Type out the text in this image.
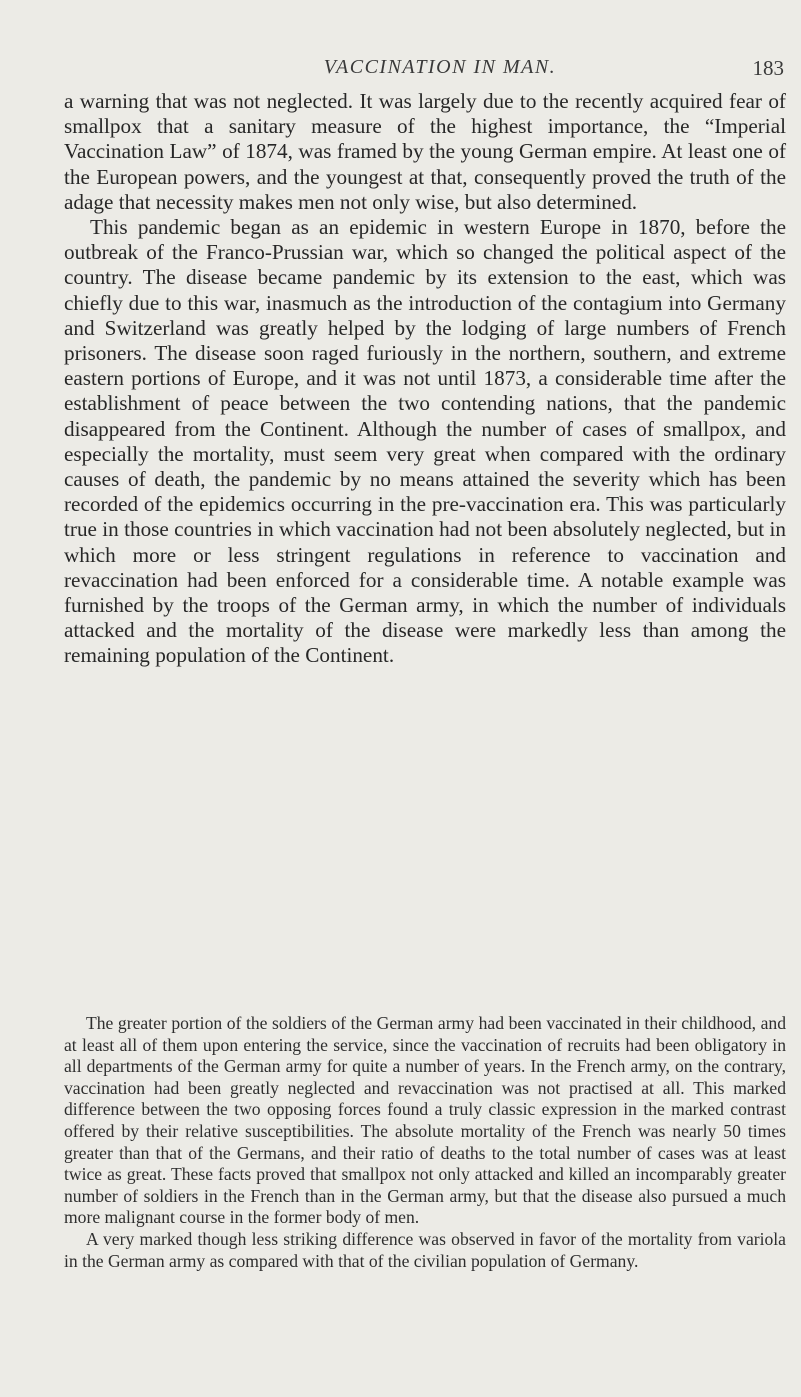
VACCINATION IN MAN.	183

a warning that was not neglected. It was largely due to the recently acquired fear of smallpox that a sanitary measure of the highest importance, the “Imperial Vaccination Law” of 1874, was framed by the young German empire. At least one of the European powers, and the youngest at that, consequently proved the truth of the adage that necessity makes men not only wise, but also determined.

This pandemic began as an epidemic in western Europe in 1870, before the outbreak of the Franco-Prussian war, which so changed the political aspect of the country. The disease became pandemic by its extension to the east, which was chiefly due to this war, inasmuch as the introduction of the contagium into Germany and Switzerland was greatly helped by the lodging of large numbers of French prisoners. The disease soon raged furiously in the northern, southern, and extreme eastern portions of Europe, and it was not until 1873, a considerable time after the establishment of peace between the two contending nations, that the pandemic disappeared from the Continent. Although the number of cases of smallpox, and especially the mortality, must seem very great when compared with the ordinary causes of death, the pandemic by no means attained the severity which has been recorded of the epidemics occurring in the pre-vaccination era. This was particularly true in those countries in which vaccination had not been absolutely neglected, but in which more or less stringent regulations in reference to vaccination and revaccination had been enforced for a considerable time. A notable example was furnished by the troops of the German army, in which the number of individuals attacked and the mortality of the disease were markedly less than among the remaining population of the Continent.

The greater portion of the soldiers of the German army had been vaccinated in their childhood, and at least all of them upon entering the service, since the vaccination of recruits had been obligatory in all departments of the German army for quite a number of years. In the French army, on the contrary, vaccination had been greatly neglected and revaccination was not practised at all. This marked difference between the two opposing forces found a truly classic expression in the marked contrast offered by their relative susceptibilities. The absolute mortality of the French was nearly 50 times greater than that of the Germans, and their ratio of deaths to the total number of cases was at least twice as great. These facts proved that smallpox not only attacked and killed an incomparably greater number of soldiers in the French than in the German army, but that the disease also pursued a much more malignant course in the former body of men.

A very marked though less striking difference was observed in favor of the mortality from variola in the German army as compared with that of the civilian population of Germany.
